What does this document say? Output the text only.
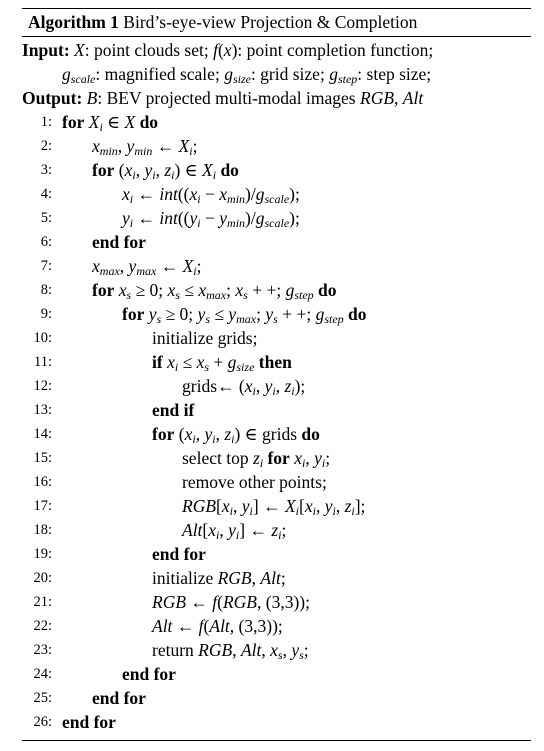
Algorithm 1 Bird’s-eye-view Projection & Completion
Input: X: point clouds set; f(x): point completion function;
$g_{scale}$: magnified scale; $g_{size}$: grid size; $g_{step}$: step size;
Output: B: BEV projected multi-modal images RGB, Alt
1: for $X_i$ ∈ X do
2: $x_{min}$, $y_{min}$ ← $X_i$;
3: for ($x_i$, $y_i$, $z_i$) ∈ $X_i$ do
4:	$x_i$ ← $int((x_i - x_{min})/g_{scale})$;
5:	$y_i$ ← $int((y_i - y_{min})/g_{scale})$;
6: end for
7: $x_{max}$, $y_{max}$ ← $X_i$;
8: for $x_s \ge 0$; $x_s \le x_{max}$; $x_s$ + +; $g_{step}$ do
9:	for $y_s \ge 0$; $y_s \le y_{max}$; $y_s$ + +; $g_{step}$ do
10:	initialize grids;
11:	if $x_i \le x_s + g_{size}$ then
12:	grids← ($x_i$, $y_i$, $z_i$);
13:	end if
14:	for ($x_i$, $y_i$, $z_i$) ∈ grids do
15:	select top $z_i$ for $x_i$, $y_i$;
16:	remove other points;
17:	$RGB[x_i$, $y_i$] ← $X_i[x_i$, $y_i$, $z_i$];
18:	$Alt[x_i$, $y_i$] ← $z_i$;
19:	end for
20:	initialize RGB, Alt;
21:	RGB ← f(RGB, (3,3));
22:	Alt ← f(Alt, (3,3));
23:	return RGB, Alt, $x_s$, $y_s$;
24:	end for
25: end for
26: end for
